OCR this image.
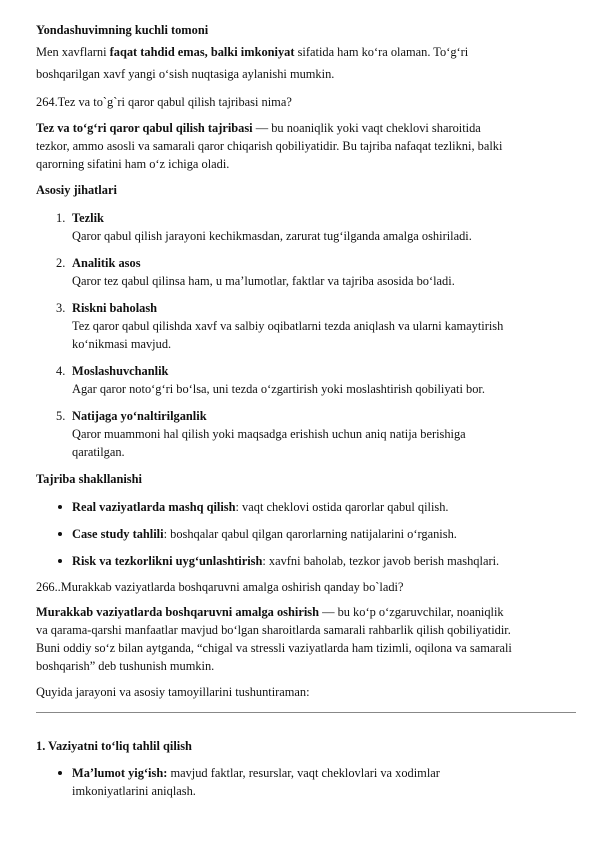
Yondashuvimning kuchli tomoni
Men xavflarni faqat tahdid emas, balki imkoniyat sifatida ham ko‘ra olaman. To‘g‘ri
boshqarilgan xavf yangi o‘sish nuqtasiga aylanishi mumkin.
264.Tez va to`g`ri qaror qabul qilish tajribasi nima?
Tez va to‘g‘ri qaror qabul qilish tajribasi — bu noaniqlik yoki vaqt cheklovi sharoitida
tezkor, ammo asosli va samarali qaror chiqarish qobiliyatidir. Bu tajriba nafaqat tezlikni, balki
qarorning sifatini ham o‘z ichiga oladi.
Asosiy jihatlari
1. Tezlik
Qaror qabul qilish jarayoni kechikmasdan, zarurat tug‘ilganda amalga oshiriladi.
2. Analitik asos
Qaror tez qabul qilinsa ham, u ma’lumotlar, faktlar va tajriba asosida bo‘ladi.
3. Riskni baholash
Tez qaror qabul qilishda xavf va salbiy oqibatlarni tezda aniqlash va ularni kamaytirish
ko‘nikmasi mavjud.
4. Moslashuvchanlik
Agar qaror noto‘g‘ri bo‘lsa, uni tezda o‘zgartirish yoki moslashtirish qobiliyati bor.
5. Natijaga yo‘naltirilganlik
Qaror muammoni hal qilish yoki maqsadga erishish uchun aniq natija berishiga
qaratilgan.
Tajriba shakllanishi
Real vaziyatlarda mashq qilish: vaqt cheklovi ostida qarorlar qabul qilish.
Case study tahlili: boshqalar qabul qilgan qarorlarning natijalarini o‘rganish.
Risk va tezkorlikni uyg‘unlashtirish: xavfni baholab, tezkor javob berish mashqlari.
266..Murakkab vaziyatlarda boshqaruvni amalga oshirish qanday bo`ladi?
Murakkab vaziyatlarda boshqaruvni amalga oshirish — bu ko‘p o‘zgaruvchilar, noaniqlik
va qarama-qarshi manfaatlar mavjud bo‘lgan sharoitlarda samarali rahbarlik qilish qobiliyatidir.
Buni oddiy so‘z bilan aytganda, “chigal va stressli vaziyatlarda ham tizimli, oqilona va samarali
boshqarish” deb tushunish mumkin.
Quyida jarayoni va asosiy tamoyillarini tushuntiraman:
1. Vaziyatni to‘liq tahlil qilish
Ma’lumot yig‘ish: mavjud faktlar, resurslar, vaqt cheklovlari va xodimlar
imkoniyatlarini aniqlash.
